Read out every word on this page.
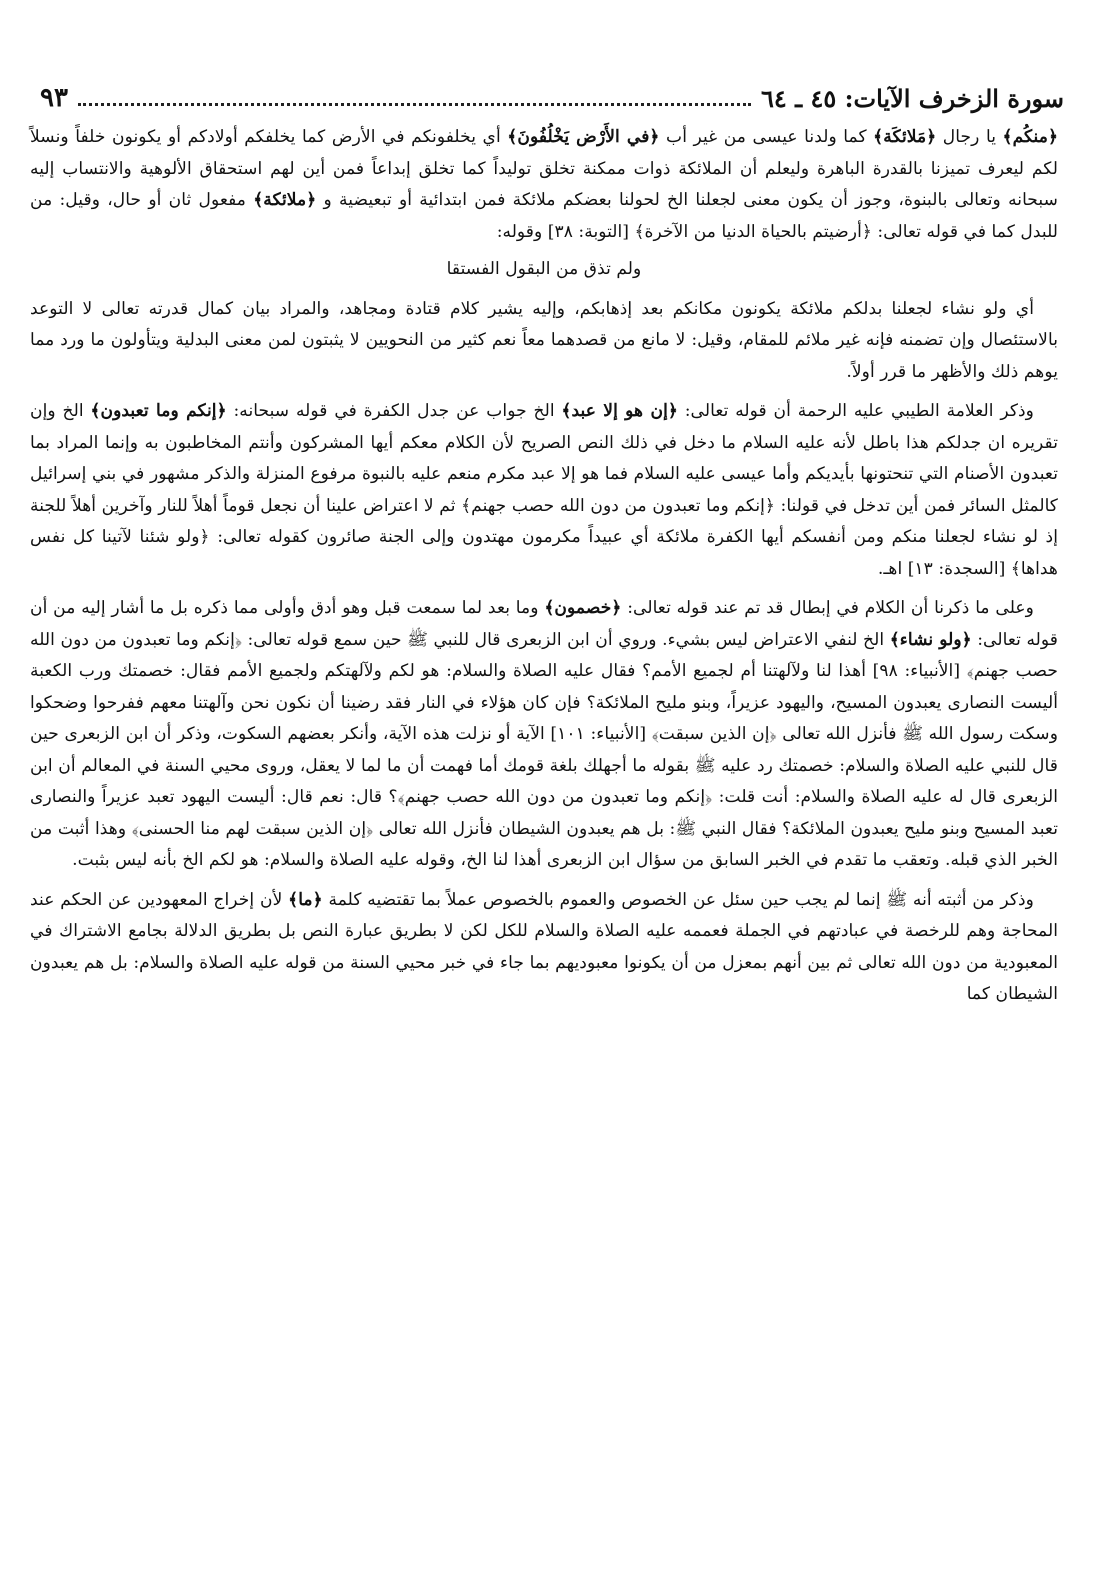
سورة الزخرف الآيات: ٤٥ ـ ٦٤
٩٣

﴿منكُم﴾ يا رجال ﴿مَلائكَة﴾ كما ولدنا عيسى من غير أب ﴿في الأَرْض يَخْلُفُونَ﴾ أي يخلفونكم في الأرض كما يخلفكم أولادكم أو يكونون خلفاً ونسلاً لكم ليعرف تميزنا بالقدرة الباهرة وليعلم أن الملائكة ذوات ممكنة تخلق توليداً كما تخلق إبداعاً فمن أين لهم استحقاق الألوهية والانتساب إليه سبحانه وتعالى بالبنوة، وجوز أن يكون معنى لجعلنا الخ لحولنا بعضكم ملائكة فمن ابتدائية أو تبعيضية و ﴿ملائكة﴾ مفعول ثان أو حال، وقيل: من للبدل كما في قوله تعالى: ﴿أرضيتم بالحياة الدنيا من الآخرة﴾ [التوبة: ٣٨] وقوله:

ولم تذق من البقول الفستقا

أي ولو نشاء لجعلنا بدلكم ملائكة يكونون مكانكم بعد إذهابكم، وإليه يشير كلام قتادة ومجاهد، والمراد بيان كمال قدرته تعالى لا التوعد بالاستئصال وإن تضمنه فإنه غير ملائم للمقام، وقيل: لا مانع من قصدهما معاً نعم كثير من النحويين لا يثبتون لمن معنى البدلية ويتأولون ما ورد مما يوهم ذلك والأظهر ما قرر أولاً.

وذكر العلامة الطيبي عليه الرحمة أن قوله تعالى: ﴿إن هو إلا عبد﴾ الخ جواب عن جدل الكفرة في قوله سبحانه: ﴿إنكم وما تعبدون﴾ الخ وإن تقريره ان جدلكم هذا باطل لأنه عليه السلام ما دخل في ذلك النص الصريح لأن الكلام معكم أيها المشركون وأنتم المخاطبون به وإنما المراد بما تعبدون الأصنام التي تنحتونها بأيديكم وأما عيسى عليه السلام فما هو إلا عبد مكرم منعم عليه بالنبوة مرفوع المنزلة والذكر مشهور في بني إسرائيل كالمثل السائر فمن أين تدخل في قولنا: ﴿إنكم وما تعبدون من دون الله حصب جهنم﴾ ثم لا اعتراض علينا أن نجعل قوماً أهلاً للنار وآخرين أهلاً للجنة إذ لو نشاء لجعلنا منكم ومن أنفسكم أيها الكفرة ملائكة أي عبيداً مكرمون مهتدون وإلى الجنة صائرون كقوله تعالى: ﴿ولو شئنا لآتينا كل نفس هداها﴾ [السجدة: ١٣] اهـ.

وعلى ما ذكرنا أن الكلام في إبطال قد تم عند قوله تعالى: ﴿خصمون﴾ وما بعد لما سمعت قبل وهو أدق وأولى مما ذكره بل ما أشار إليه من أن قوله تعالى: ﴿ولو نشاء﴾ الخ لنفي الاعتراض ليس بشيء. وروي أن ابن الزبعرى قال للنبي ﷺ حين سمع قوله تعالى: ﴿إنكم وما تعبدون من دون الله حصب جهنم﴾ [الأنبياء: ٩٨] أهذا لنا ولآلهتنا أم لجميع الأمم؟ فقال عليه الصلاة والسلام: هو لكم ولآلهتكم ولجميع الأمم فقال: خصمتك ورب الكعبة أليست النصارى يعبدون المسيح، واليهود عزيراً، وبنو مليح الملائكة؟ فإن كان هؤلاء في النار فقد رضينا أن نكون نحن وآلهتنا معهم ففرحوا وضحكوا وسكت رسول الله ﷺ فأنزل الله تعالى ﴿إن الذين سبقت﴾ [الأنبياء: ١٠١] الآية أو نزلت هذه الآية، وأنكر بعضهم السكوت، وذكر أن ابن الزبعرى حين قال للنبي عليه الصلاة والسلام: خصمتك رد عليه ﷺ بقوله ما أجهلك بلغة قومك أما فهمت أن ما لما لا يعقل، وروى محيي السنة في المعالم أن ابن الزبعرى قال له عليه الصلاة والسلام: أنت قلت: ﴿إنكم وما تعبدون من دون الله حصب جهنم﴾؟ قال: نعم قال: أليست اليهود تعبد عزيراً والنصارى تعبد المسيح وبنو مليح يعبدون الملائكة؟ فقال النبي ﷺ: بل هم يعبدون الشيطان فأنزل الله تعالى ﴿إن الذين سبقت لهم منا الحسنى﴾ وهذا أثبت من الخبر الذي قبله. وتعقب ما تقدم في الخبر السابق من سؤال ابن الزبعرى أهذا لنا الخ، وقوله عليه الصلاة والسلام: هو لكم الخ بأنه ليس بثبت.

وذكر من أثبته أنه ﷺ إنما لم يجب حين سئل عن الخصوص والعموم بالخصوص عملاً بما تقتضيه كلمة ﴿ما﴾ لأن إخراج المعهودين عن الحكم عند المحاجة وهم للرخصة في عبادتهم في الجملة فعممه عليه الصلاة والسلام للكل لكن لا بطريق عبارة النص بل بطريق الدلالة بجامع الاشتراك في المعبودية من دون الله تعالى ثم بين أنهم بمعزل من أن يكونوا معبوديهم بما جاء في خبر محيي السنة من قوله عليه الصلاة والسلام: بل هم يعبدون الشيطان كما
